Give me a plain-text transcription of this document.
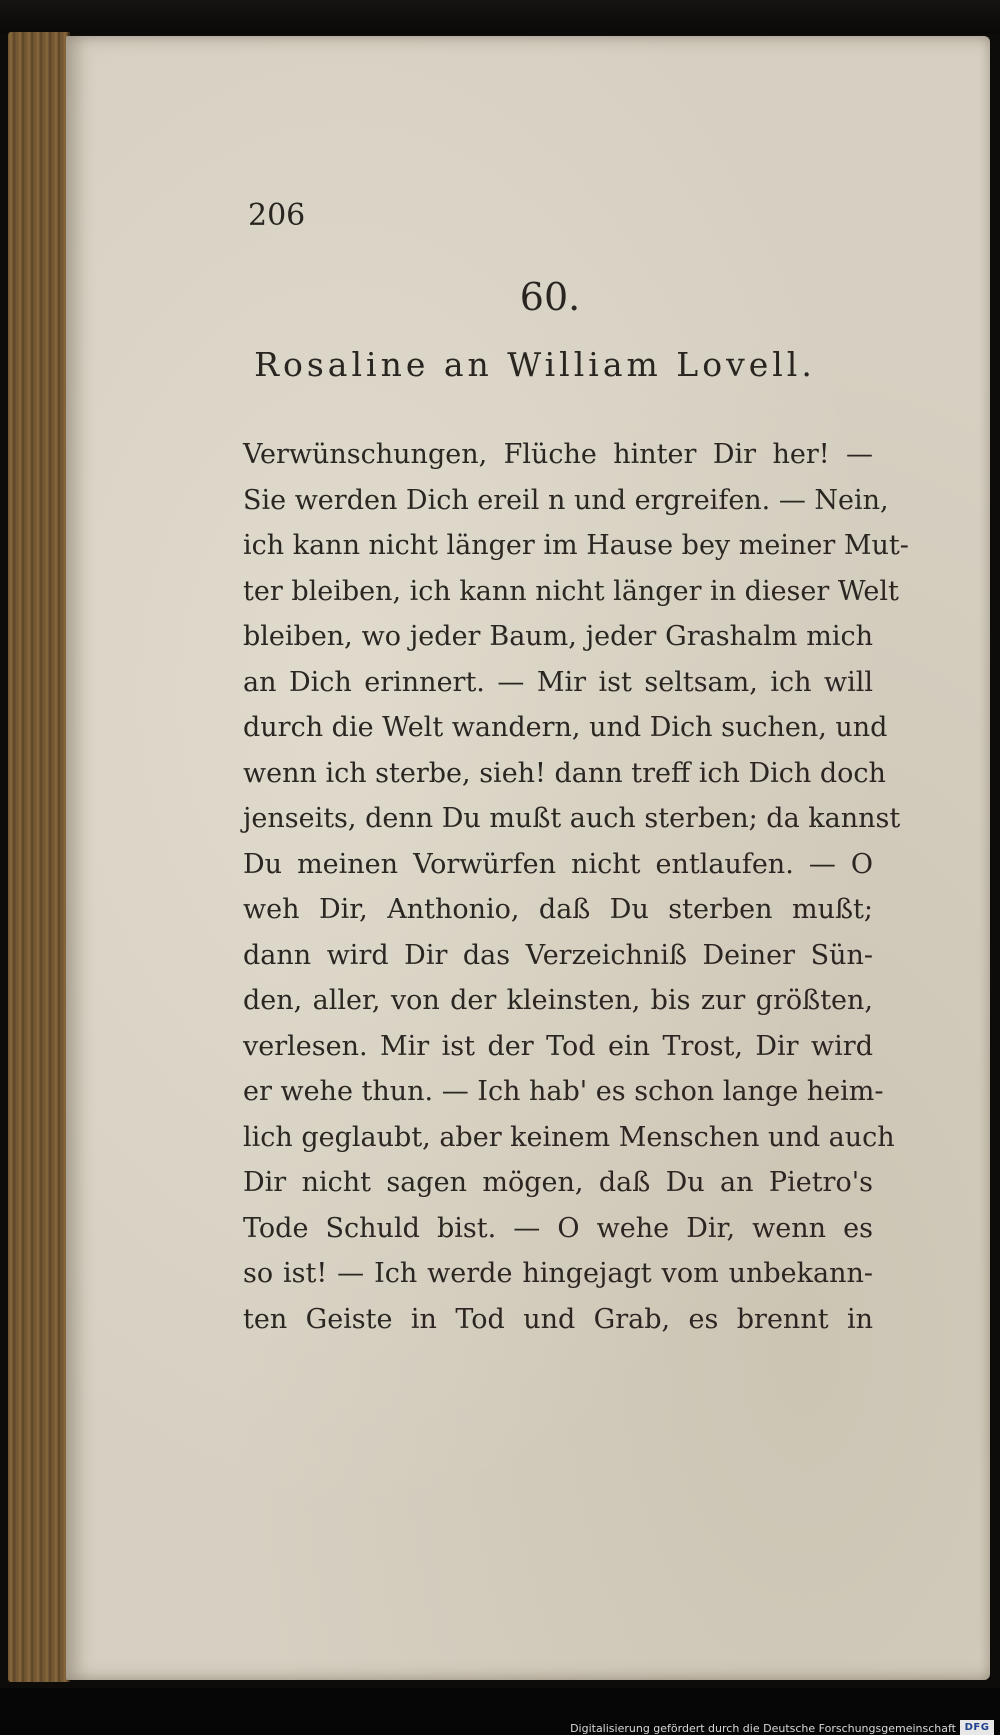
206
60.
Rosaline an William Lovell.
Verwünschungen, Flüche hinter Dir her! —
Sie werden Dich ereil n und ergreifen. — Nein,
ich kann nicht länger im Hause bey meiner Mut-
ter bleiben, ich kann nicht länger in dieser Welt
bleiben, wo jeder Baum, jeder Grashalm mich
an Dich erinnert. — Mir ist seltsam, ich will
durch die Welt wandern, und Dich suchen, und
wenn ich sterbe, sieh! dann treff ich Dich doch
jenseits, denn Du mußt auch sterben; da kannst
Du meinen Vorwürfen nicht entlaufen. — O
weh Dir, Anthonio, daß Du sterben mußt;
dann wird Dir das Verzeichniß Deiner Sün-
den, aller, von der kleinsten, bis zur größten,
verlesen. Mir ist der Tod ein Trost, Dir wird
er wehe thun. — Ich hab' es schon lange heim-
lich geglaubt, aber keinem Menschen und auch
Dir nicht sagen mögen, daß Du an Pietro's
Tode Schuld bist. — O wehe Dir, wenn es
so ist! — Ich werde hingejagt vom unbekann-
ten Geiste in Tod und Grab, es brennt in
Digitalisierung gefördert durch die Deutsche Forschungsgemeinschaft DFG
